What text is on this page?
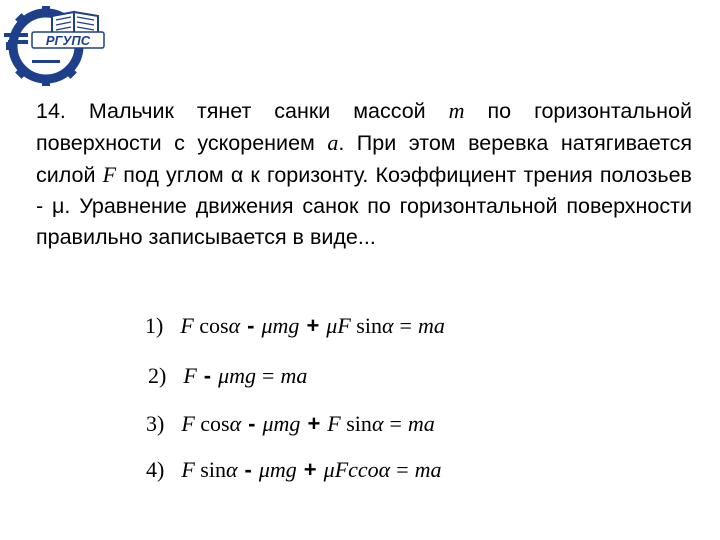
РГУПС
14. Мальчик тянет санки массой m по горизонтальной поверхности с ускорением a. При этом веревка натягивается силой F под углом α к горизонту. Коэффициент трения полозьев - μ. Уравнение движения санок по горизонтальной поверхности правильно записывается в виде...
1) F cosα - μmg + μF sinα = ma
2) F - μmg = ma
3) F cosα - μmg + F sinα = ma
4) F sinα - μmg + μFccoα = ma
